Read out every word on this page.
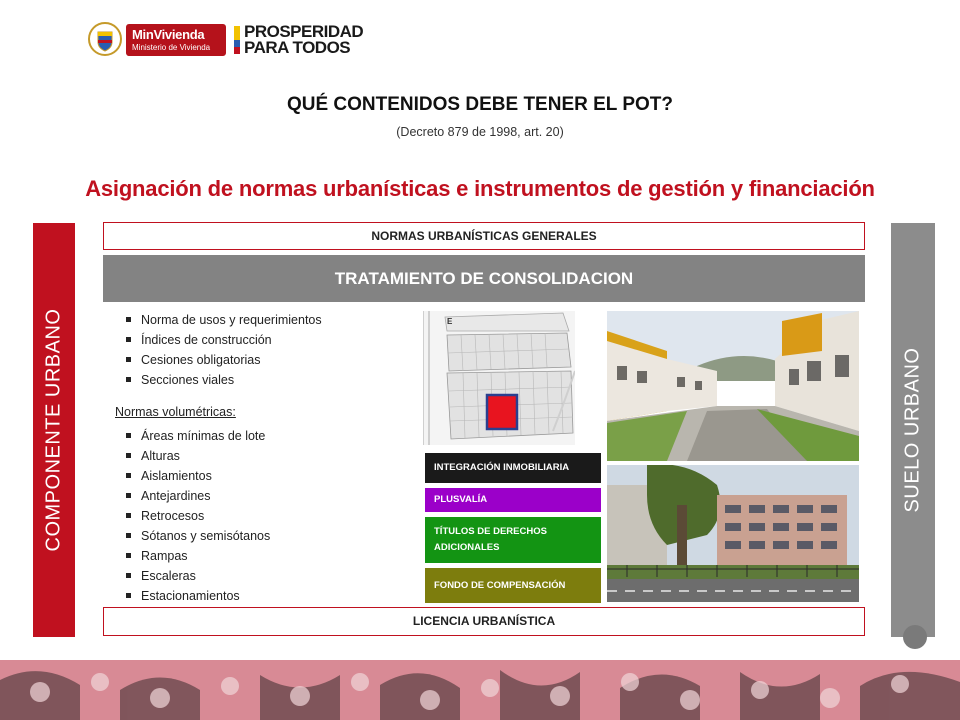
MinVivienda
Ministerio de Vivienda
PROSPERIDAD
PARA TODOS
QUÉ CONTENIDOS DEBE TENER EL POT?
(Decreto 879 de 1998, art. 20)
Asignación de normas urbanísticas e instrumentos de gestión y financiación
COMPONENTE URBANO	SUELO URBANO
NORMAS URBANÍSTICAS GENERALES
TRATAMIENTO DE CONSOLIDACION
LICENCIA URBANÍSTICA
Norma de usos y requerimientos
Índices de construcción
Cesiones obligatorias
Secciones viales
Normas volumétricas:
Áreas mínimas de lote
Alturas
Aislamientos
Antejardines
Retrocesos
Sótanos y semisótanos
Rampas
Escaleras
Estacionamientos
E
INTEGRACIÓN INMOBILIARIA
PLUSVALÍA
TÍTULOS DE DERECHOS ADICIONALES
FONDO DE COMPENSACIÓN
